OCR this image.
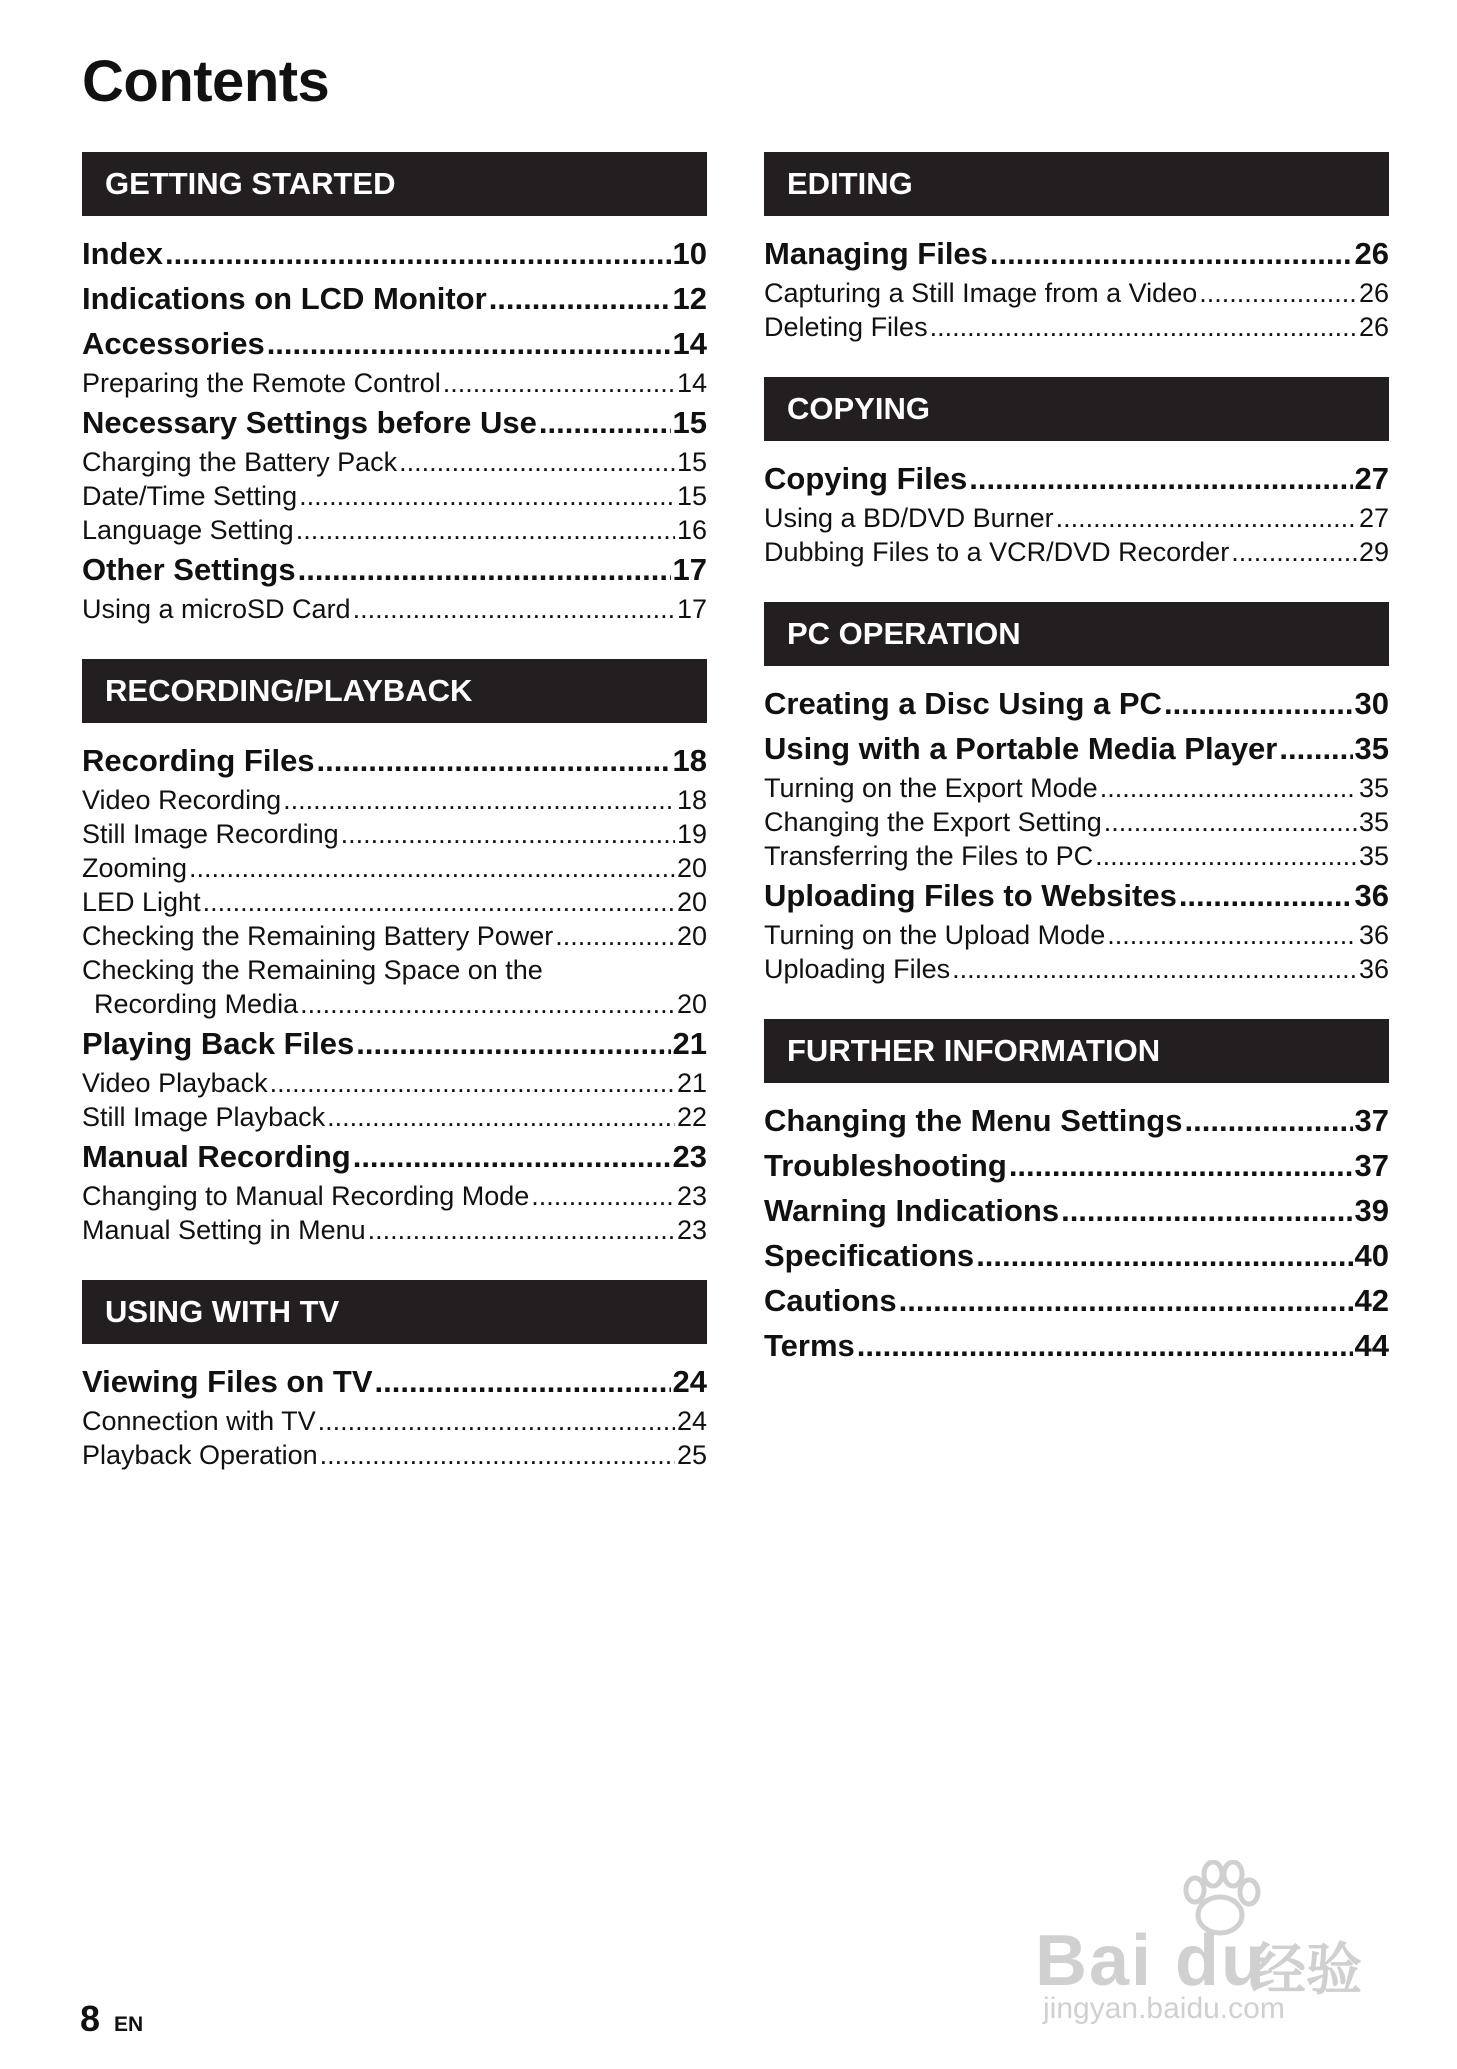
Contents
GETTING STARTED
Index .....	10
Indications on LCD Monitor .....	12
Accessories .....	14
Preparing the Remote Control .....	14
Necessary Settings before Use .....	15
Charging the Battery Pack .....	15
Date/Time Setting .....	15
Language Setting .....	16
Other Settings .....	17
Using a microSD Card .....	17
RECORDING/PLAYBACK
Recording Files .....	18
Video Recording .....	18
Still Image Recording .....	19
Zooming .....	20
LED Light .....	20
Checking the Remaining Battery Power .....	20
Checking the Remaining Space on the
Recording Media .....	20
Playing Back Files .....	21
Video Playback .....	21
Still Image Playback .....	22
Manual Recording .....	23
Changing to Manual Recording Mode .....	23
Manual Setting in Menu .....	23
USING WITH TV
Viewing Files on TV .....	24
Connection with TV .....	24
Playback Operation .....	25
EDITING
Managing Files .....	26
Capturing a Still Image from a Video .....	26
Deleting Files .....	26
COPYING
Copying Files .....	27
Using a BD/DVD Burner .....	27
Dubbing Files to a VCR/DVD Recorder .....	29
PC OPERATION
Creating a Disc Using a PC .....	30
Using with a Portable Media Player ..... 35
Turning on the Export Mode .....	35
Changing the Export Setting .....	35
Transferring the Files to PC .....	35
Uploading Files to Websites .....	36
Turning on the Upload Mode .....	36
Uploading Files .....	36
FURTHER INFORMATION
Changing the Menu Settings .....	37
Troubleshooting .....	37
Warning Indications .....	39
Specifications .....	40
Cautions .....	42
Terms .....	44
8 EN
Bai du
经验
jingyan.baidu.com
